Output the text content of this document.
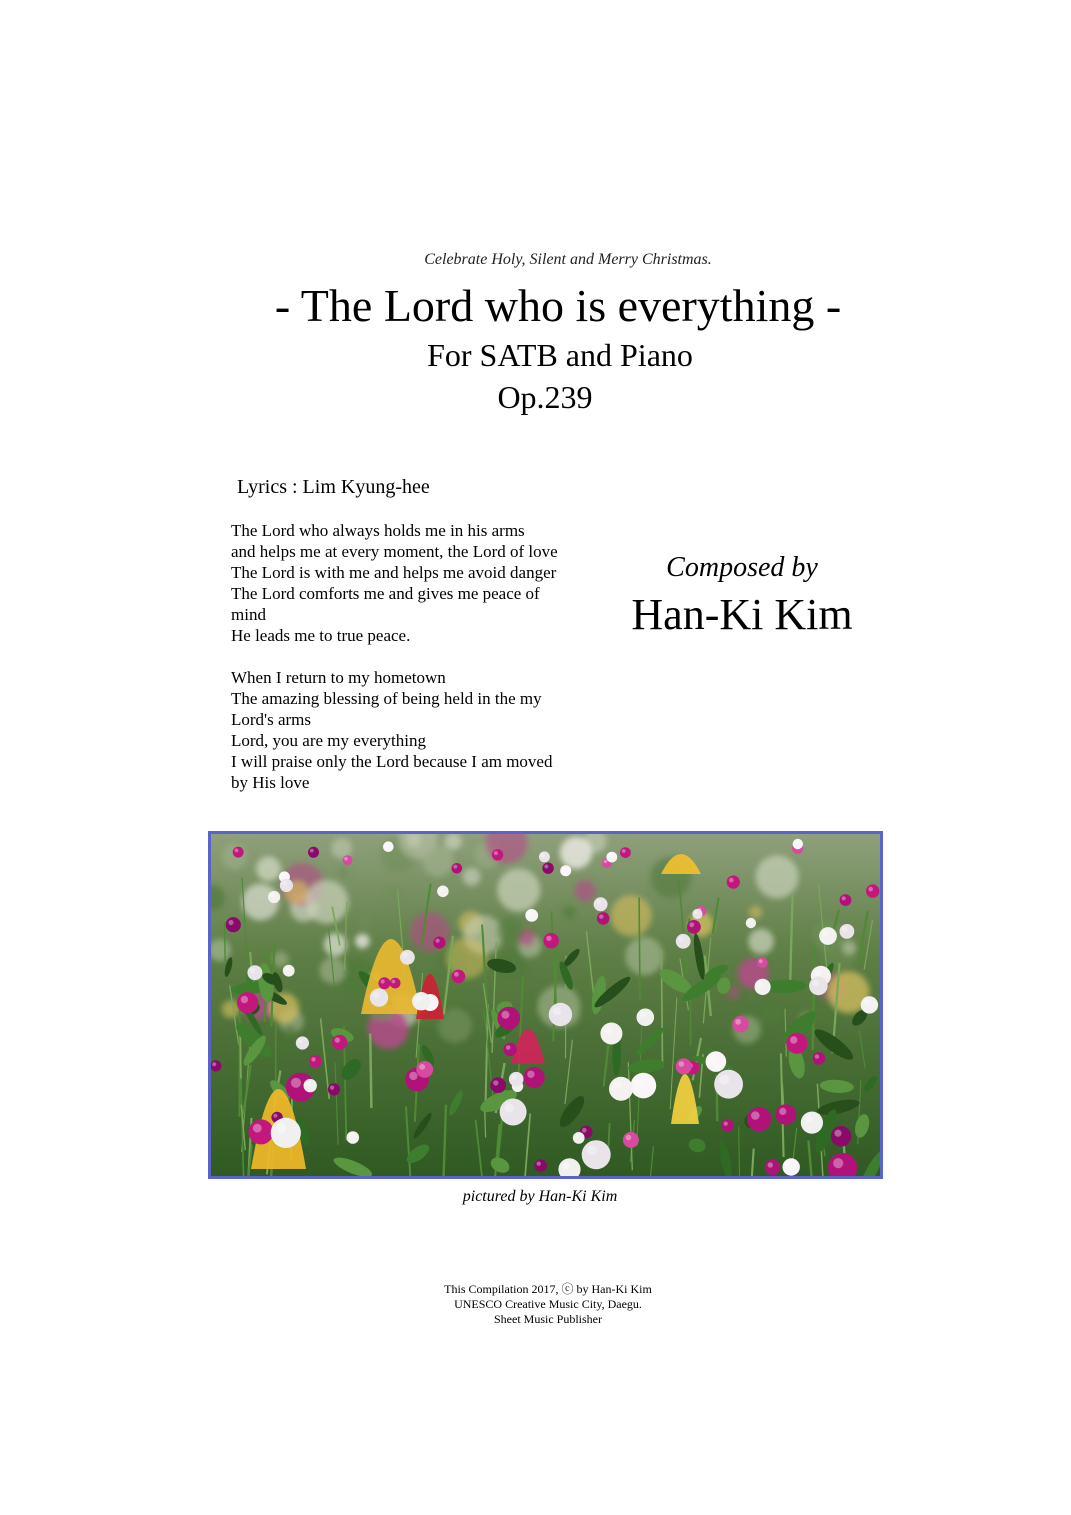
Celebrate Holy, Silent and Merry Christmas.
- The Lord who is everything -
For SATB and Piano
Op.239
Lyrics : Lim Kyung-hee
The Lord who always holds me in his arms
and helps me at every moment, the Lord of love
The Lord is with me and helps me avoid danger
The Lord comforts me and gives me peace of
mind
He leads me to true peace.
When I return to my hometown
The amazing blessing of being held in the my
Lord's arms
Lord, you are my everything
I will praise only the Lord because I am moved
by His love
Composed by
Han-Ki Kim
pictured by Han-Ki Kim
This Compilation 2017, ⓒ by Han-Ki Kim
UNESCO Creative Music City, Daegu.
Sheet Music Publisher
